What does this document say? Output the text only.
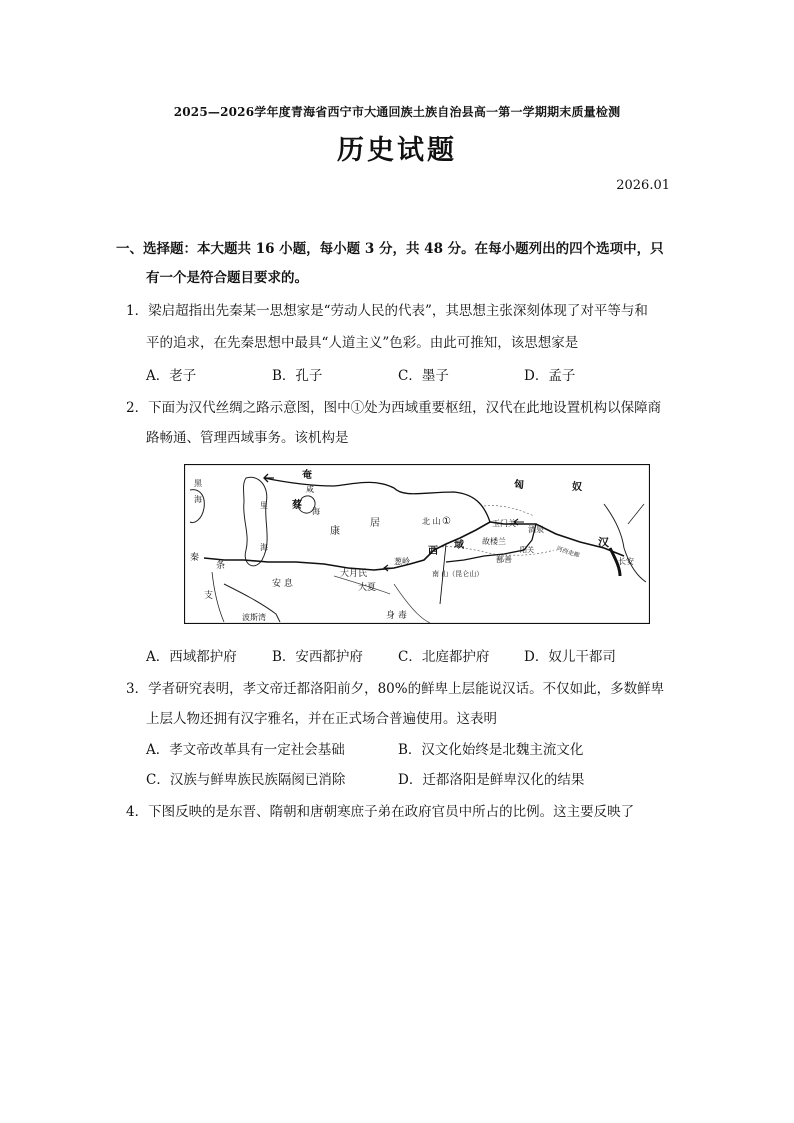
2025—2026学年度青海省西宁市大通回族土族自治县高一第一学期期末质量检测
历史试题
2026.01
一、选择题：本大题共 16 小题，每小题 3 分，共 48 分。在每小题列出的四个选项中，只
有一个是符合题目要求的。
1．梁启超指出先秦某一思想家是“劳动人民的代表”，其思想主张深刻体现了对平等与和
平的追求，在先秦思想中最具“人道主义”色彩。由此可推知，该思想家是
A．老子	B．孔子	C．墨子	D．孟子
2．下面为汉代丝绸之路示意图，图中①处为西域重要枢纽，汉代在此地设置机构以保障商
路畅通、管理西域事务。该机构是
奄
蔡
康
居
匈	奴
汉
里
海
黑
海
咸
海
北 山 ①	玉门关
酒泉
西
域 故楼兰
阳关
鄯善
条
支
秦
安 息
大月氏
大夏
葱岭
南 山（昆仑山）
波斯湾	身 毒
河西走廊
长安
A．西域都护府	B．安西都护府	C．北庭都护府	D．奴儿干都司
3．学者研究表明，孝文帝迁都洛阳前夕，80%的鲜卑上层能说汉话。不仅如此，多数鲜卑
上层人物还拥有汉字雅名，并在正式场合普遍使用。这表明
A．孝文帝改革具有一定社会基础	B．汉文化始终是北魏主流文化
C．汉族与鲜卑族民族隔阂已消除	D．迁都洛阳是鲜卑汉化的结果
4．下图反映的是东晋、隋朝和唐朝寒庶子弟在政府官员中所占的比例。这主要反映了
